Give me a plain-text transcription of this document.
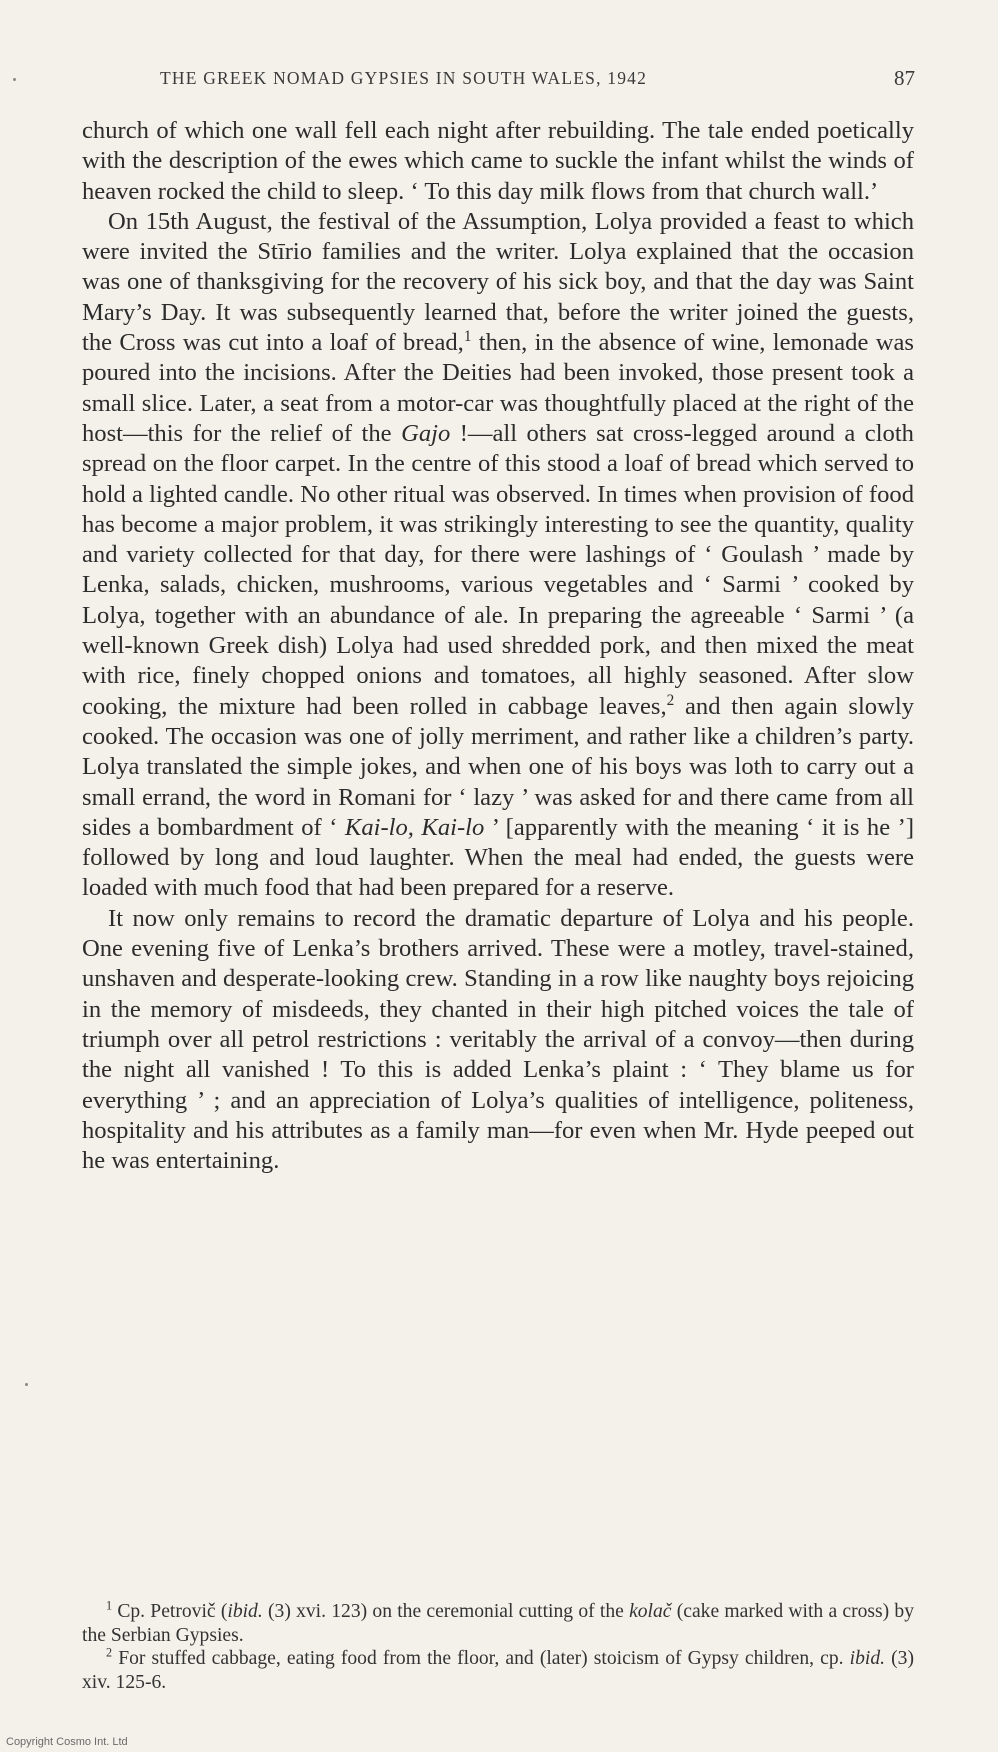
THE GREEK NOMAD GYPSIES IN SOUTH WALES, 1942	87

church of which one wall fell each night after rebuilding. The tale ended poetically with the description of the ewes which came to suckle the infant whilst the winds of heaven rocked the child to sleep. ‘ To this day milk flows from that church wall.’

On 15th August, the festival of the Assumption, Lolya provided a feast to which were invited the Stīrio families and the writer. Lolya explained that the occasion was one of thanksgiving for the recovery of his sick boy, and that the day was Saint Mary’s Day. It was subsequently learned that, before the writer joined the guests, the Cross was cut into a loaf of bread,$^1$ then, in the absence of wine, lemonade was poured into the incisions. After the Deities had been invoked, those present took a small slice. Later, a seat from a motor-car was thoughtfully placed at the right of the host—this for the relief of the Gajo !—all others sat cross-legged around a cloth spread on the floor carpet. In the centre of this stood a loaf of bread which served to hold a lighted candle. No other ritual was observed. In times when provision of food has become a major problem, it was strikingly interesting to see the quantity, quality and variety collected for that day, for there were lashings of ‘ Goulash ’ made by Lenka, salads, chicken, mushrooms, various vegetables and ‘ Sarmi ’ cooked by Lolya, together with an abundance of ale. In preparing the agreeable ‘ Sarmi ’ (a well-known Greek dish) Lolya had used shredded pork, and then mixed the meat with rice, finely chopped onions and tomatoes, all highly seasoned. After slow cooking, the mixture had been rolled in cabbage leaves,$^2$ and then again slowly cooked. The occasion was one of jolly merriment, and rather like a children’s party. Lolya translated the simple jokes, and when one of his boys was loth to carry out a small errand, the word in Romani for ‘ lazy ’ was asked for and there came from all sides a bombardment of ‘ Kai-lo, Kai-lo ’ [apparently with the meaning ‘ it is he ’] followed by long and loud laughter. When the meal had ended, the guests were loaded with much food that had been prepared for a reserve.

It now only remains to record the dramatic departure of Lolya and his people. One evening five of Lenka’s brothers arrived. These were a motley, travel-stained, unshaven and desperate-looking crew. Standing in a row like naughty boys rejoicing in the memory of misdeeds, they chanted in their high pitched voices the tale of triumph over all petrol restrictions : veritably the arrival of a convoy—then during the night all vanished ! To this is added Lenka’s plaint : ‘ They blame us for everything ’ ; and an appreciation of Lolya’s qualities of intelligence, politeness, hospitality and his attributes as a family man—for even when Mr. Hyde peeped out he was entertaining.

$^1$ Cp. Petrovič (ibid. (3) xvi. 123) on the ceremonial cutting of the kolač (cake marked with a cross) by the Serbian Gypsies.

$^2$ For stuffed cabbage, eating food from the floor, and (later) stoicism of Gypsy children, cp. ibid. (3) xiv. 125-6.

Copyright Cosmo Int. Ltd
